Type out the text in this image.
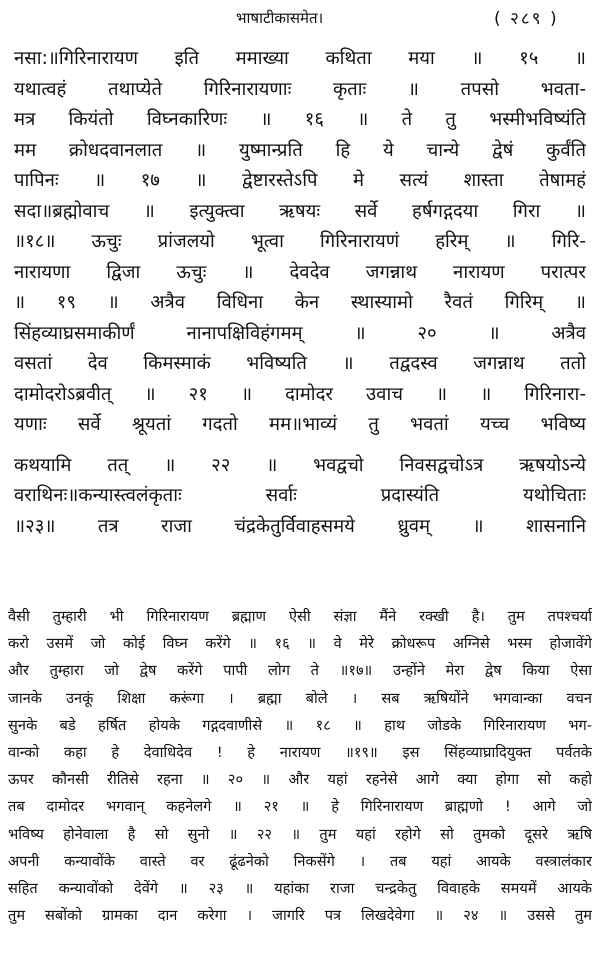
भाषाटीकासमेत।	( २८९ )
नसा:॥गिरिनारायण इति ममाख्या कथिता मया ॥ १५ ॥
यथात्वहं तथाप्येते गिरिनारायणाः कृताः ॥ तपसो भवता-
मत्र कियंतो विघ्नकारिणः ॥ १६ ॥ ते तु भस्मीभविष्यंति
मम क्रोधदवानलात ॥ युष्मान्प्रति हि ये चान्ये द्वेषं कुर्वंति
पापिनः ॥ १७ ॥ द्वेष्टारस्तेऽपि मे सत्यं शास्ता तेषामहं
सदा॥ब्रह्मोवाच ॥ इत्युक्त्वा ऋषयः सर्वे हर्षगद्गदया गिरा ॥
॥१८॥ ऊचुः प्रांजलयो भूत्वा गिरिनारायणं हरिम् ॥ गिरि-
नारायणा द्विजा ऊचुः ॥ देवदेव जगन्नाथ नारायण परात्पर
॥ १९ ॥ अत्रैव विधिना केन स्थास्यामो रैवतं गिरिम् ॥
सिंहव्याघ्रसमाकीर्णं नानापक्षिविहंगमम् ॥ २० ॥ अत्रैव
वसतां देव किमस्माकं भविष्यति ॥ तद्वदस्व जगन्नाथ ततो
दामोदरोऽब्रवीत् ॥ २१ ॥ दामोदर उवाच ॥ ॥ गिरिनारा-
यणाः सर्वे श्रूयतां गदतो मम॥भाव्यं तु भवतां यच्च भविष्य
कथयामि तत् ॥ २२ ॥ भवद्वचो निवसद्वचोऽत्र ऋषयोऽन्ये
वराथिनः॥कन्यास्त्वलंकृताः सर्वाः प्रदास्यंति यथोचिताः
॥२३॥ तत्र राजा चंद्रकेतुर्विवाहसमये ध्रुवम् ॥ शासनानि
वैसी तुम्हारी भी गिरिनारायण ब्रह्माण ऐसी संज्ञा मैंने रक्खी है। तुम तपश्चर्या
करो उसमें जो कोई विघ्न करेंगे ॥ १६ ॥ वे मेरे क्रोधरूप अग्निसे भस्म होजावेंगे
और तुम्हारा जो द्वेष करेंगे पापी लोग ते ॥१७॥ उन्होंने मेरा द्वेष किया ऐसा
जानके उनकूं शिक्षा करूंगा । ब्रह्मा बोले । सब ऋषियोंने भगवान्का वचन
सुनके बडे हर्षित होयके गद्गदवाणीसे ॥ १८ ॥ हाथ जोडके गिरिनारायण भग-
वान्को कहा हे देवाधिदेव ! हे नारायण ॥१९॥ इस सिंहव्याघ्रादियुक्त पर्वतके
ऊपर कौनसी रीतिसे रहना ॥ २० ॥ और यहां रहनेसे आगे क्या होगा सो कहो
तब दामोदर भगवान् कहनेलगे ॥ २१ ॥ हे गिरिनारायण ब्राह्मणो ! आगे जो
भविष्य होनेवाला है सो सुनो ॥ २२ ॥ तुम यहां रहोगे सो तुमको दूसरे ऋषि
अपनी कन्यावोंके वास्ते वर ढूंढनेको निकसेंगे । तब यहां आयके वस्त्रालंकार
सहित कन्यावोंको देवेंगे ॥ २३ ॥ यहांका राजा चन्द्रकेतु विवाहके समयमें आयके
तुम सबोंको ग्रामका दान करेगा । जागरि पत्र लिखदेवेगा ॥ २४ ॥ उससे तुम
